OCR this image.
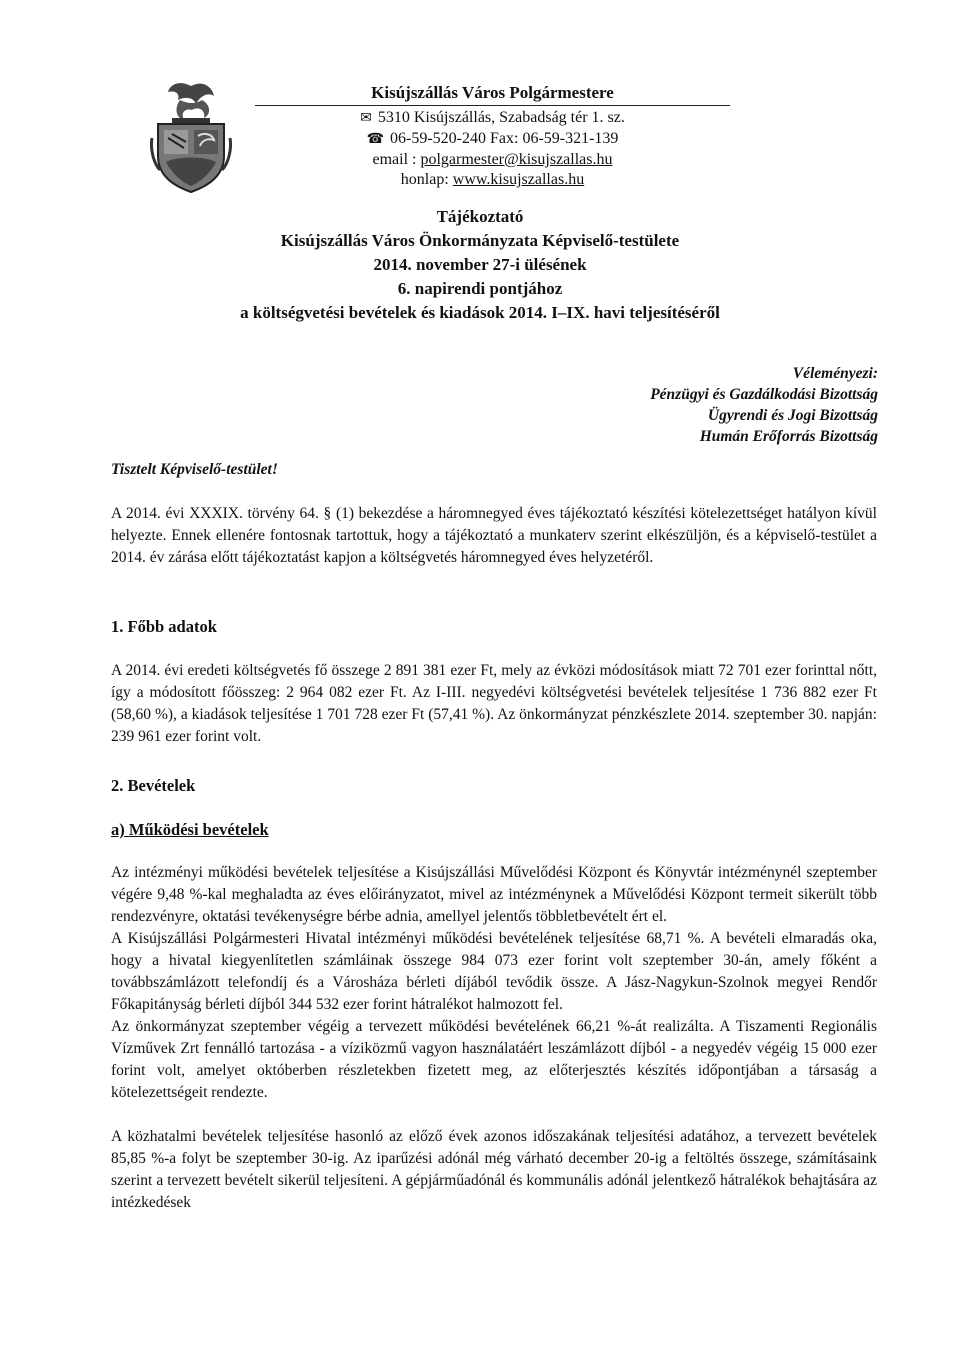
Kisújszállás Város Polgármestere
✉ 5310 Kisújszállás, Szabadság tér 1. sz.
☎ 06-59-520-240 Fax: 06-59-321-139
email : polgarmester@kisujszallas.hu
honlap: www.kisujszallas.hu
Tájékoztató
Kisújszállás Város Önkormányzata Képviselő-testülete
2014. november 27-i ülésének
6. napirendi pontjához
a költségvetési bevételek és kiadások 2014. I–IX. havi teljesítéséről
Véleményezi:
Pénzügyi és Gazdálkodási Bizottság
Ügyrendi és Jogi Bizottság
Humán Erőforrás Bizottság
Tisztelt Képviselő-testület!
A 2014. évi XXXIX. törvény 64. § (1) bekezdése a háromnegyed éves tájékoztató készítési kötelezettséget hatályon kívül helyezte. Ennek ellenére fontosnak tartottuk, hogy a tájékoztató a munkaterv szerint elkészüljön, és a képviselő-testület a 2014. év zárása előtt tájékoztatást kapjon a költségvetés háromnegyed éves helyzetéről.
1. Főbb adatok
A 2014. évi eredeti költségvetés fő összege 2 891 381 ezer Ft, mely az évközi módosítások miatt 72 701 ezer forinttal nőtt, így a módosított főösszeg: 2 964 082 ezer Ft. Az I-III. negyedévi költségvetési bevételek teljesítése 1 736 882 ezer Ft (58,60 %), a kiadások teljesítése 1 701 728 ezer Ft (57,41 %). Az önkormányzat pénzkészlete 2014. szeptember 30. napján: 239 961 ezer forint volt.
2. Bevételek
a) Működési bevételek

Az intézményi működési bevételek teljesítése a Kisújszállási Művelődési Központ és Könyvtár intézménynél szeptember végére 9,48 %-kal meghaladta az éves előirányzatot, mivel az intézménynek a Művelődési Központ termeit sikerült több rendezvényre, oktatási tevékenységre bérbe adnia, amellyel jelentős többletbevételt ért el.

A Kisújszállási Polgármesteri Hivatal intézményi működési bevételének teljesítése 68,71 %. A bevételi elmaradás oka, hogy a hivatal kiegyenlítetlen számláinak összege 984 073 ezer forint volt szeptember 30-án, amely főként a továbbszámlázott telefondíj és a Városháza bérleti díjából tevődik össze. A Jász-Nagykun-Szolnok megyei Rendőr Főkapitányság bérleti díjból 344 532 ezer forint hátralékot halmozott fel.

Az önkormányzat szeptember végéig a tervezett működési bevételének 66,21 %-át realizálta. A Tiszamenti Regionális Vízművek Zrt fennálló tartozása - a víziközmű vagyon használatáért leszámlázott díjból - a negyedév végéig 15 000 ezer forint volt, amelyet októberben részletekben fizetett meg, az előterjesztés készítés időpontjában a társaság a kötelezettségeit rendezte.

A közhatalmi bevételek teljesítése hasonló az előző évek azonos időszakának teljesítési adatához, a tervezett bevételek 85,85 %-a folyt be szeptember 30-ig. Az iparűzési adónál még várható december 20-ig a feltöltés összege, számításaink szerint a tervezett bevételt sikerül teljesíteni. A gépjárműadónál és kommunális adónál jelentkező hátralékok behajtására az intézkedések
